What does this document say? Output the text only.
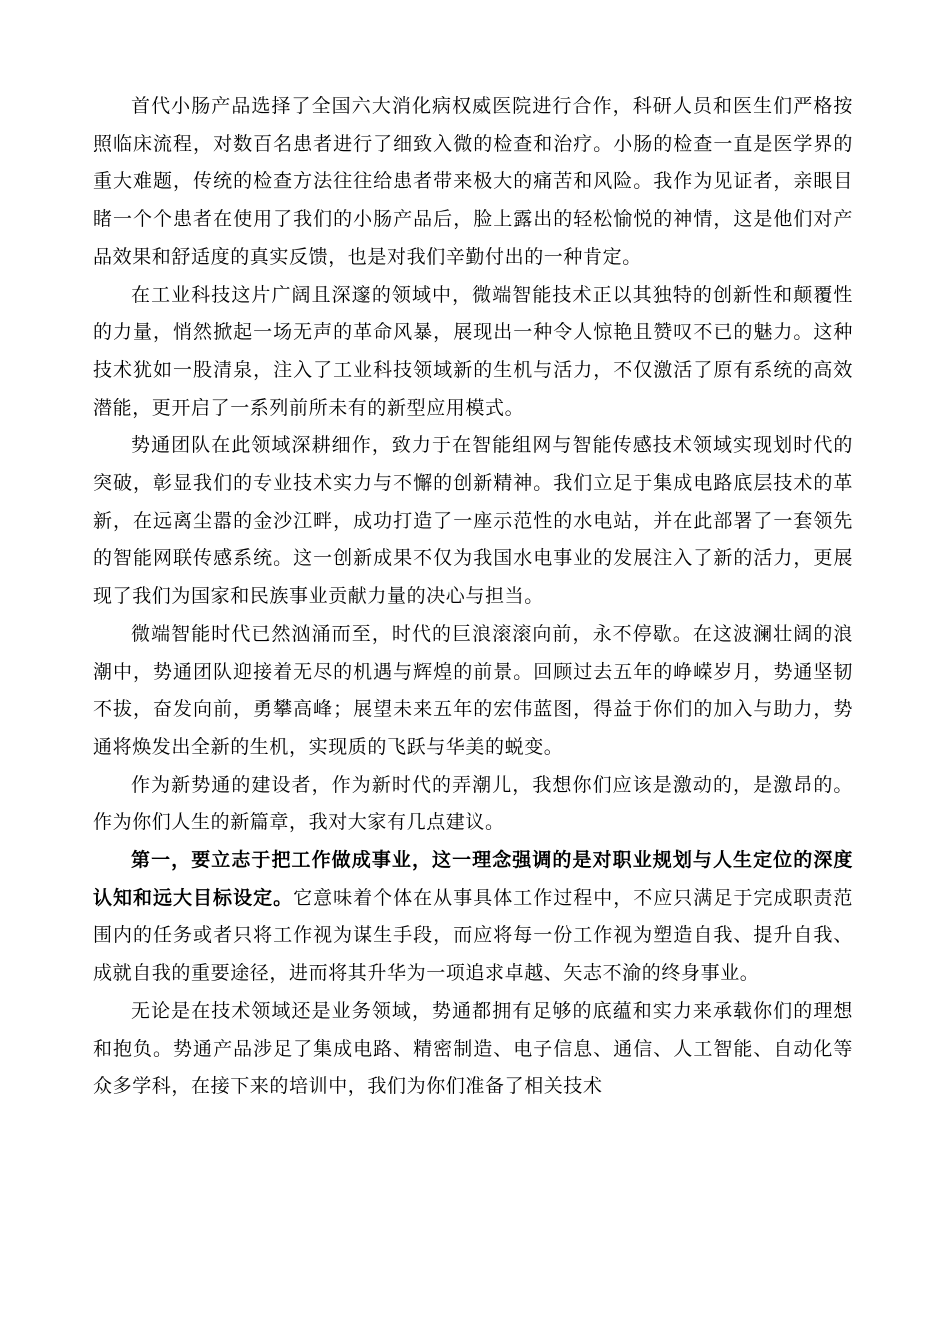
首代小肠产品选择了全国六大消化病权威医院进行合作，科研人员和医生们严格按照临床流程，对数百名患者进行了细致入微的检查和治疗。小肠的检查一直是医学界的重大难题，传统的检查方法往往给患者带来极大的痛苦和风险。我作为见证者，亲眼目睹一个个患者在使用了我们的小肠产品后，脸上露出的轻松愉悦的神情，这是他们对产品效果和舒适度的真实反馈，也是对我们辛勤付出的一种肯定。

在工业科技这片广阔且深邃的领域中，微端智能技术正以其独特的创新性和颠覆性的力量，悄然掀起一场无声的革命风暴，展现出一种令人惊艳且赞叹不已的魅力。这种技术犹如一股清泉，注入了工业科技领域新的生机与活力，不仅激活了原有系统的高效潜能，更开启了一系列前所未有的新型应用模式。

势通团队在此领域深耕细作，致力于在智能组网与智能传感技术领域实现划时代的突破，彰显我们的专业技术实力与不懈的创新精神。我们立足于集成电路底层技术的革新，在远离尘嚣的金沙江畔，成功打造了一座示范性的水电站，并在此部署了一套领先的智能网联传感系统。这一创新成果不仅为我国水电事业的发展注入了新的活力，更展现了我们为国家和民族事业贡献力量的决心与担当。

微端智能时代已然汹涌而至，时代的巨浪滚滚向前，永不停歇。在这波澜壮阔的浪潮中，势通团队迎接着无尽的机遇与辉煌的前景。回顾过去五年的峥嵘岁月，势通坚韧不拔，奋发向前，勇攀高峰；展望未来五年的宏伟蓝图，得益于你们的加入与助力，势通将焕发出全新的生机，实现质的飞跃与华美的蜕变。

作为新势通的建设者，作为新时代的弄潮儿，我想你们应该是激动的，是激昂的。作为你们人生的新篇章，我对大家有几点建议。

第一，要立志于把工作做成事业，这一理念强调的是对职业规划与人生定位的深度认知和远大目标设定。它意味着个体在从事具体工作过程中，不应只满足于完成职责范围内的任务或者只将工作视为谋生手段，而应将每一份工作视为塑造自我、提升自我、成就自我的重要途径，进而将其升华为一项追求卓越、矢志不渝的终身事业。

无论是在技术领域还是业务领域，势通都拥有足够的底蕴和实力来承载你们的理想和抱负。势通产品涉足了集成电路、精密制造、电子信息、通信、人工智能、自动化等众多学科，在接下来的培训中，我们为你们准备了相关技术
